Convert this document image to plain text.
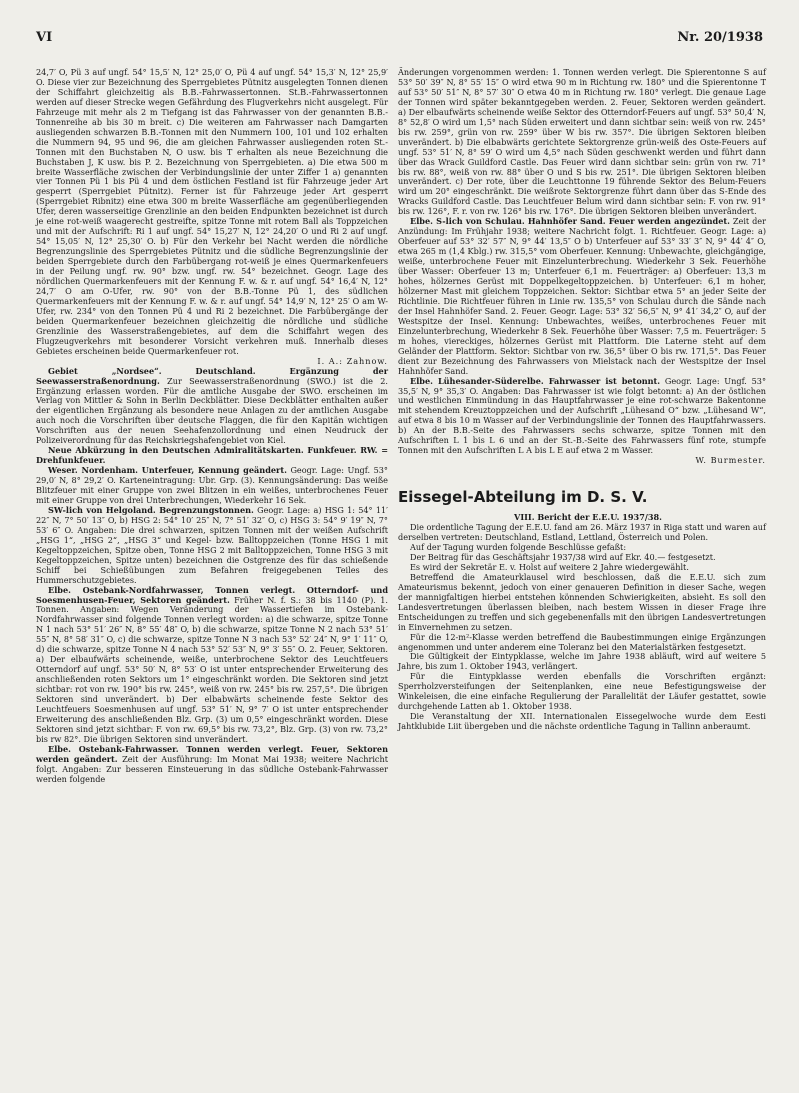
VI	Nr. 20/1938

24,7′ O, Pü 3 auf ungf. 54° 15,5′ N, 12° 25,0′ O, Pü 4 auf ungf. 54° 15,3′ N, 12° 25,9′ O. Diese vier zur Bezeichnung des Sperrgebietes Pütnitz ausgelegten Tonnen dienen der Schiffahrt gleichzeitig als B.B.-Fahrwassertonnen. St.B.-Fahrwassertonnen werden auf dieser Strecke wegen Gefährdung des Flugverkehrs nicht ausgelegt. Für Fahrzeuge mit mehr als 2 m Tiefgang ist das Fahrwasser von der genannten B.B.-Tonnenreihe ab bis 30 m breit. c) Die weiteren am Fahrwasser nach Damgarten ausliegenden schwarzen B.B.-Tonnen mit den Nummern 100, 101 und 102 erhalten die Nummern 94, 95 und 96, die am gleichen Fahrwasser ausliegenden roten St.-Tonnen mit den Buchstaben N, O usw. bis T erhalten als neue Bezeichnung die Buchstaben J, K usw. bis P. 2. Bezeichnung von Sperrgebieten. a) Die etwa 500 m breite Wasserfläche zwischen der Verbindungslinie der unter Ziffer 1 a) genannten vier Tonnen Pü 1 bis Pü 4 und dem östlichen Festland ist für Fahrzeuge jeder Art gesperrt (Sperrgebiet Pütnitz). Ferner ist für Fahrzeuge jeder Art gesperrt (Sperrgebiet Ribnitz) eine etwa 300 m breite Wasserfläche am gegenüberliegenden Ufer, deren wasserseitige Grenzlinie an den beiden Endpunkten bezeichnet ist durch je eine rot-weiß waagerecht gestreifte, spitze Tonne mit rotem Ball als Toppzeichen und mit der Aufschrift: Ri 1 auf ungf. 54° 15,27′ N, 12° 24,20′ O und Ri 2 auf ungf. 54° 15,05′ N, 12° 25,30′ O. b) Für den Verkehr bei Nacht werden die nördliche Begrenzungslinie des Sperrgebietes Pütnitz und die südliche Begrenzungslinie der beiden Sperrgebiete durch den Farbübergang rot-weiß je eines Quermarkenfeuers in der Peilung ungf. rw. 90° bzw. ungf. rw. 54° bezeichnet. Geogr. Lage des nördlichen Quermarkenfeuers mit der Kennung F. w. & r. auf ungf. 54° 16,4′ N, 12° 24,7′ O am O-Ufer, rw. 90° von der B.B.-Tonne Pü 1, des südlichen Quermarkenfeuers mit der Kennung F. w. & r. auf ungf. 54° 14,9′ N, 12° 25′ O am W-Ufer, rw. 234° von den Tonnen Pü 4 und Ri 2 bezeichnet. Die Farbübergänge der beiden Quermarkenfeuer bezeichnen gleichzeitig die nördliche und südliche Grenzlinie des Wasserstraßengebietes, auf dem die Schiffahrt wegen des Flugzeugverkehrs mit besonderer Vorsicht verkehren muß. Innerhalb dieses Gebietes erscheinen beide Quermarkenfeuer rot.

I. A.: Zahnow.

Gebiet „Nordsee“. Deutschland. Ergänzung der Seewasserstraßenordnung. Zur Seewasserstraßenordnung (SWO.) ist die 2. Ergänzung erlassen worden. Für die amtliche Ausgabe der SWO. erscheinen im Verlag von Mittler & Sohn in Berlin Deckblätter. Diese Deckblätter enthalten außer der eigentlichen Ergänzung als besondere neue Anlagen zu der amtlichen Ausgabe auch noch die Vorschriften über deutsche Flaggen, die für den Kapitän wichtigen Vorschriften aus der neuen Seehafenzollordnung und einen Neudruck der Polizeiverordnung für das Reichskriegshafengebiet von Kiel.

Neue Abkürzung in den Deutschen Admiralitätskarten. Funkfeuer. RW. = Drehfunkfeuer.

Weser. Nordenham. Unterfeuer, Kennung geändert. Geogr. Lage: Ungf. 53° 29,0′ N, 8° 29,2′ O. Karteneintragung: Ubr. Grp. (3). Kennungsänderung: Das weiße Blitzfeuer mit einer Gruppe von zwei Blitzen in ein weißes, unterbrochenes Feuer mit einer Gruppe von drei Unterbrechungen, Wiederkehr 16 Sek.

SW-lich von Helgoland. Begrenzungstonnen. Geogr. Lage: a) HSG 1: 54° 11′ 22″ N, 7° 50′ 13″ O, b) HSG 2: 54° 10′ 25″ N, 7° 51′ 32″ O, c) HSG 3: 54° 9′ 19″ N, 7° 53′ 6″ O. Angaben: Die drei schwarzen, spitzen Tonnen mit der weißen Aufschrift „HSG 1“, „HSG 2“, „HSG 3“ und Kegel- bzw. Balltoppzeichen (Tonne HSG 1 mit Kegeltoppzeichen, Spitze oben, Tonne HSG 2 mit Balltoppzeichen, Tonne HSG 3 mit Kegeltoppzeichen, Spitze unten) bezeichnen die Ostgrenze des für das schießende Schiff bei Schießübungen zum Befahren freigegebenen Teiles des Hummerschutzgebietes.

Elbe. Ostebank-Nordfahrwasser, Tonnen verlegt. Otterndorf- und Soesmenhusen-Feuer, Sektoren geändert. Früher N. f. S.: 38 bis 1140 (P). 1. Tonnen. Angaben: Wegen Veränderung der Wassertiefen im Ostebank-Nordfahrwasser sind folgende Tonnen verlegt worden: a) die schwarze, spitze Tonne N 1 nach 53° 51′ 26″ N, 8° 55′ 48″ O, b) die schwarze, spitze Tonne N 2 nach 53° 51′ 55″ N, 8° 58′ 31″ O, c) die schwarze, spitze Tonne N 3 nach 53° 52′ 24″ N, 9° 1′ 11″ O, d) die schwarze, spitze Tonne N 4 nach 53° 52′ 53″ N, 9° 3′ 55″ O. 2. Feuer, Sektoren. a) Der elbaufwärts scheinende, weiße, unterbrochene Sektor des Leuchtfeuers Otterndorf auf ungf. 53° 50′ N, 8° 53′ O ist unter entsprechender Erweiterung des anschließenden roten Sektors um 1° eingeschränkt worden. Die Sektoren sind jetzt sichtbar: rot von rw. 190° bis rw. 245°, weiß von rw. 245° bis rw. 257,5°. Die übrigen Sektoren sind unverändert. b) Der elbabwärts scheinende feste Sektor des Leuchtfeuers Soesmenhusen auf ungf. 53° 51′ N, 9° 7′ O ist unter entsprechender Erweiterung des anschließenden Blz. Grp. (3) um 0,5° eingeschränkt worden. Diese Sektoren sind jetzt sichtbar: F. von rw. 69,5° bis rw. 73,2°, Blz. Grp. (3) von rw. 73,2° bis rw 82°. Die übrigen Sektoren sind unverändert.

Elbe. Ostebank-Fahrwasser. Tonnen werden verlegt. Feuer, Sektoren werden geändert. Zeit der Ausführung: Im Monat Mai 1938; weitere Nachricht folgt. Angaben: Zur besseren Einsteuerung in das südliche Ostebank-Fahrwasser werden folgende

Änderungen vorgenommen werden: 1. Tonnen werden verlegt. Die Spierentonne S auf 53° 50′ 39″ N, 8° 55′ 15″ O wird etwa 90 m in Richtung rw. 180° und die Spierentonne T auf 53° 50′ 51″ N, 8° 57′ 30″ O etwa 40 m in Richtung rw. 180° verlegt. Die genaue Lage der Tonnen wird später bekanntgegeben werden. 2. Feuer, Sektoren werden geändert. a) Der elbaufwärts scheinende weiße Sektor des Otterndorf-Feuers auf ungf. 53° 50,4′ N, 8° 52,8′ O wird um 1,5° nach Süden erweitert und dann sichtbar sein: weiß von rw. 245° bis rw. 259°, grün von rw. 259° über W bis rw. 357°. Die übrigen Sektoren bleiben unverändert. b) Die elbabwärts gerichtete Sektorgrenze grün-weiß des Oste-Feuers auf ungf. 53° 51′ N, 8° 59′ O wird um 4,5° nach Süden geschwenkt werden und führt dann über das Wrack Guildford Castle. Das Feuer wird dann sichtbar sein: grün von rw. 71° bis rw. 88°, weiß von rw. 88° über O und S bis rw. 251°. Die übrigen Sektoren bleiben unverändert. c) Der rote, über die Leuchttonne 19 führende Sektor des Belum-Feuers wird um 20° eingeschränkt. Die weißrote Sektorgrenze führt dann über das S-Ende des Wracks Guildford Castle. Das Leuchtfeuer Belum wird dann sichtbar sein: F. von rw. 91° bis rw. 126°, F. r. von rw. 126° bis rw. 176°. Die übrigen Sektoren bleiben unverändert.

Elbe. S-lich von Schulau. Hahnhöfer Sand. Feuer werden angezündet. Zeit der Anzündung: Im Frühjahr 1938; weitere Nachricht folgt. 1. Richtfeuer. Geogr. Lage: a) Oberfeuer auf 53° 32′ 57″ N, 9° 44′ 13,5″ O b) Unterfeuer auf 53° 33′ 3″ N, 9° 44′ 4″ O, etwa 265 m (1,4 Kblg.) rw. 315,5° vom Oberfeuer. Kennung: Unbewachte, gleichgängige, weiße, unterbrochene Feuer mit Einzelunterbrechung. Wiederkehr 3 Sek. Feuerhöhe über Wasser: Oberfeuer 13 m; Unterfeuer 6,1 m. Feuerträger: a) Oberfeuer: 13,3 m hohes, hölzernes Gerüst mit Doppelkegeltoppzeichen. b) Unterfeuer: 6,1 m hoher, hölzerner Mast mit gleichem Toppzeichen. Sektor: Sichtbar etwa 5° an jeder Seite der Richtlinie. Die Richtfeuer führen in Linie rw. 135,5° von Schulau durch die Sände nach der Insel Hahnhöfer Sand. 2. Feuer. Geogr. Lage: 53° 32′ 56,5″ N, 9° 41′ 34,2″ O, auf der Westspitze der Insel. Kennung: Unbewachtes, weißes, unterbrochenes Feuer mit Einzelunterbrechung, Wiederkehr 8 Sek. Feuerhöhe über Wasser: 7,5 m. Feuerträger: 5 m hohes, viereckiges, hölzernes Gerüst mit Plattform. Die Laterne steht auf dem Geländer der Plattform. Sektor: Sichtbar von rw. 36,5° über O bis rw. 171,5°. Das Feuer dient zur Bezeichnung des Fahrwassers von Mielstack nach der Westspitze der Insel Hahnhöfer Sand.

Elbe. Lühesander-Süderelbe. Fahrwasser ist betonnt. Geogr. Lage: Ungf. 53° 35,5′ N, 9° 35,3′ O. Angaben: Das Fahrwasser ist wie folgt betonnt: a) An der östlichen und westlichen Einmündung in das Hauptfahrwasser je eine rot-schwarze Bakentonne mit stehendem Kreuztoppzeichen und der Aufschrift „Lühesand O“ bzw. „Lühesand W“, auf etwa 8 bis 10 m Wasser auf der Verbindungslinie der Tonnen des Hauptfahrwassers. b) An der B.B.-Seite des Fahrwassers sechs schwarze, spitze Tonnen mit den Aufschriften L 1 bis L 6 und an der St.-B.-Seite des Fahrwassers fünf rote, stumpfe Tonnen mit den Aufschriften L A bis L E auf etwa 2 m Wasser.

W. Burmester.
Eissegel-Abteilung im D. S. V.

VIII. Bericht der E.E.U. 1937/38.

Die ordentliche Tagung der E.E.U. fand am 26. März 1937 in Riga statt und waren auf derselben vertreten: Deutschland, Estland, Lettland, Österreich und Polen.

Auf der Tagung wurden folgende Beschlüsse gefaßt:

Der Beitrag für das Geschäftsjahr 1937/38 wird auf Ekr. 40.— festgesetzt.

Es wird der Sekretär E. v. Holst auf weitere 2 Jahre wiedergewählt.

Betreffend die Amateurklausel wird beschlossen, daß die E.E.U. sich zum Amateurismus bekennt, jedoch von einer genaueren Definition in dieser Sache, wegen der mannigfaltigen hierbei entstehen könnenden Schwierigkeiten, absieht. Es soll den Landesvertretungen überlassen bleiben, nach bestem Wissen in dieser Frage ihre Entscheidungen zu treffen und sich gegebenenfalls mit den übrigen Landesvertretungen in Einvernehmen zu setzen.

Für die 12-m²-Klasse werden betreffend die Baubestimmungen einige Ergänzungen angenommen und unter anderem eine Toleranz bei den Materialstärken festgesetzt.

Die Gültigkeit der Eintypklasse, welche im Jahre 1938 abläuft, wird auf weitere 5 Jahre, bis zum 1. Oktober 1943, verlängert.

Für die Eintypklasse werden ebenfalls die Vorschriften ergänzt: Sperrholzversteifungen der Seitenplanken, eine neue Befestigungsweise der Winkeleisen, die eine einfache Regulierung der Parallelität der Läufer gestattet, sowie durchgehende Latten ab 1. Oktober 1938.

Die Veranstaltung der XII. Internationalen Eissegelwoche wurde dem Eesti Jahtklubide Liit übergeben und die nächste ordentliche Tagung in Tallinn anberaumt.
